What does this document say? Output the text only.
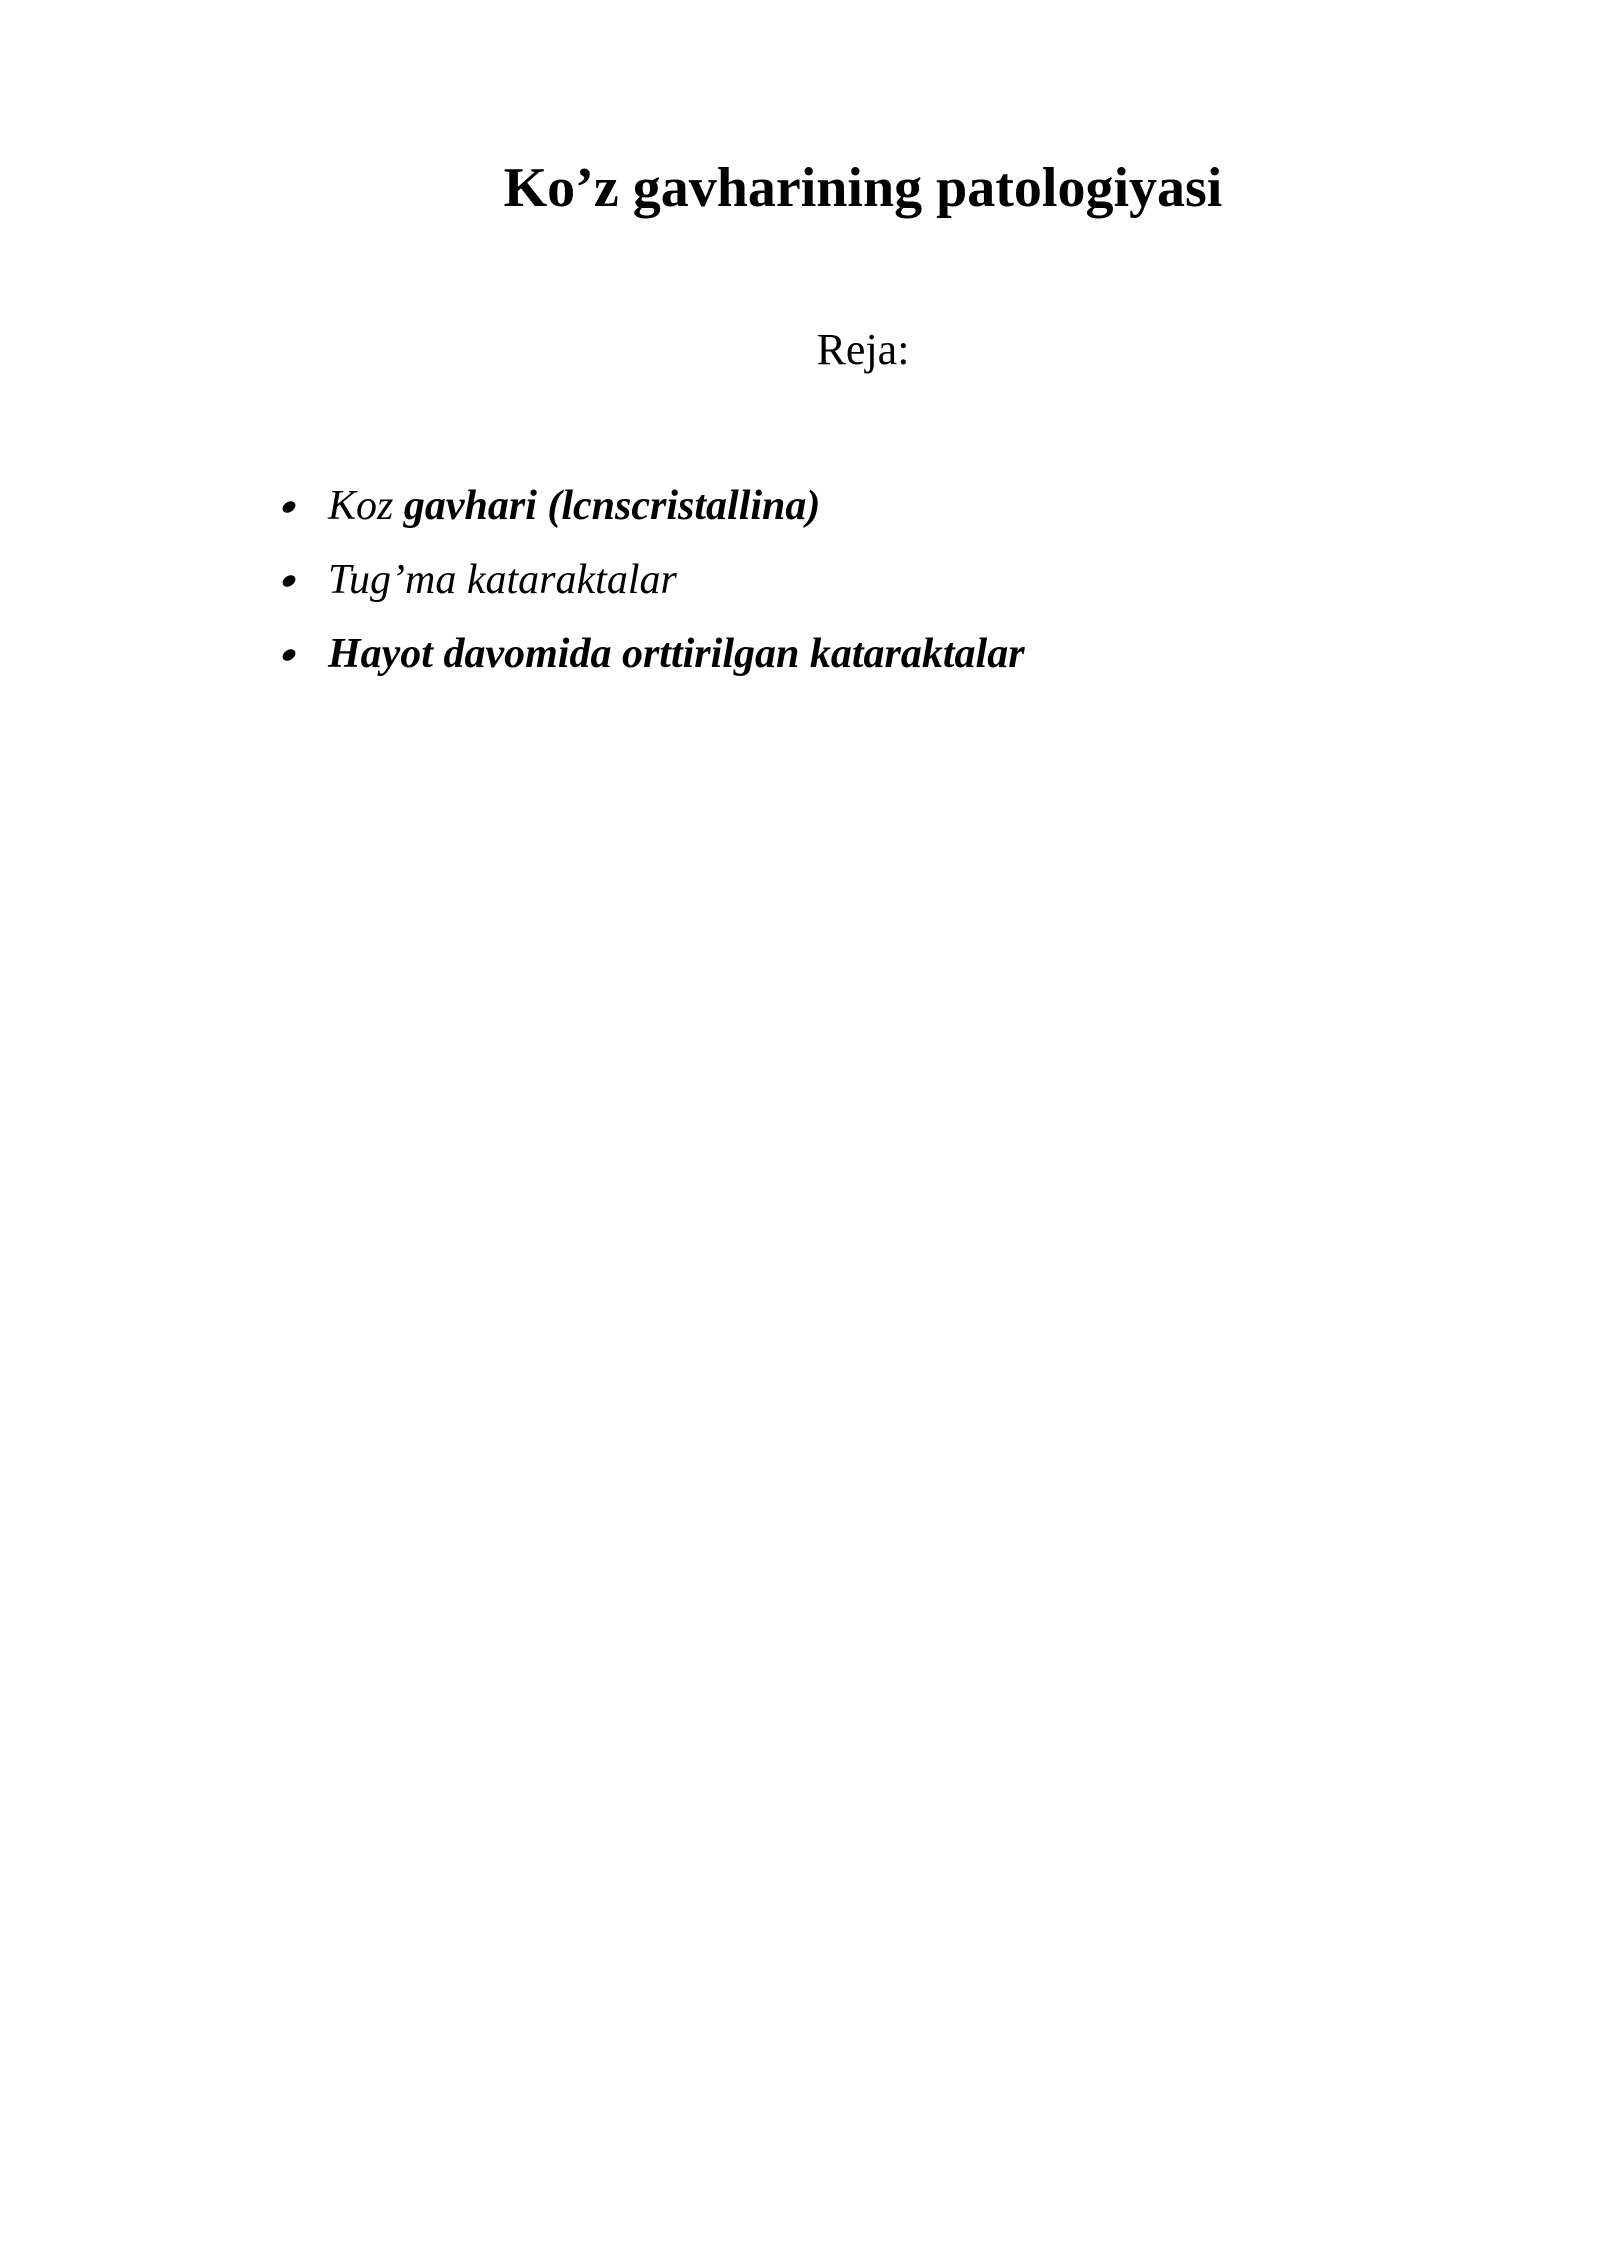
Ko’z gavharining patologiyasi
Reja:
Koz gavhari (lcnscristallina)
Tug’ma kataraktalar
Hayot davomida orttirilgan kataraktalar
